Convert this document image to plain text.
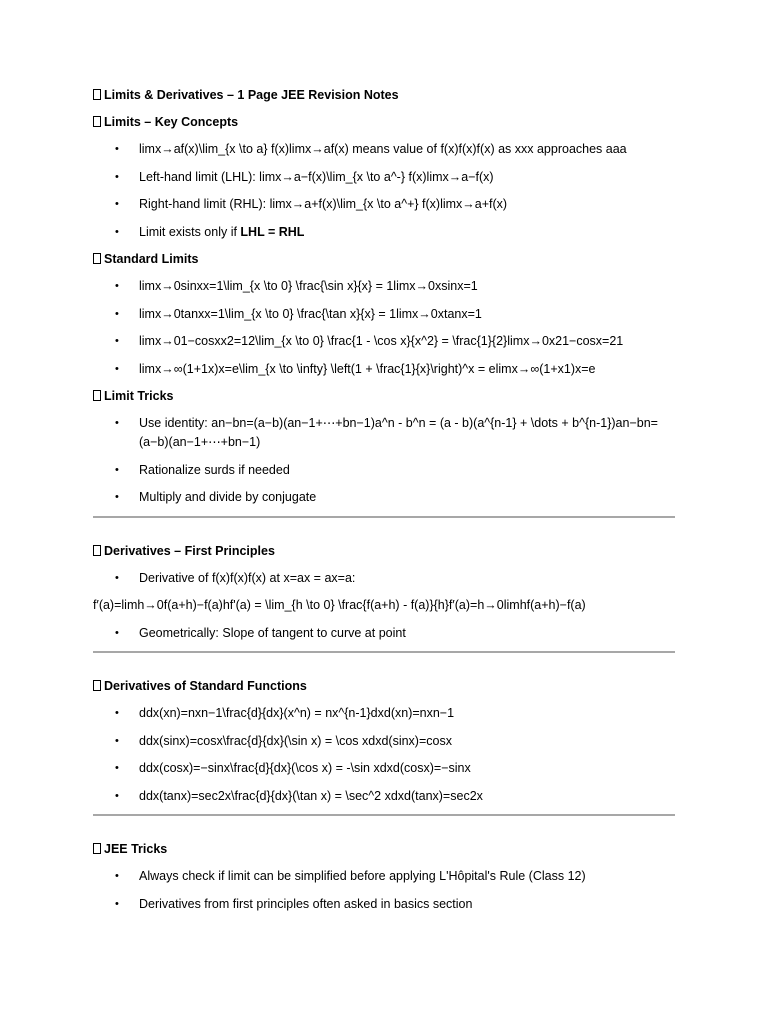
Limits & Derivatives – 1 Page JEE Revision Notes
Limits – Key Concepts
• limx→af(x)\lim_{x \to a} f(x)limx→af(x) means value of f(x)f(x)f(x) as xxx approaches aaa
• Left-hand limit (LHL): limx→a−f(x)\lim_{x \to a^-} f(x)limx→a−f(x)
• Right-hand limit (RHL): limx→a+f(x)\lim_{x \to a^+} f(x)limx→a+f(x)
• Limit exists only if LHL = RHL
Standard Limits
• limx→0sinxx=1\lim_{x \to 0} \frac{\sin x}{x} = 1limx→0xsinx=1
• limx→0tanxx=1\lim_{x \to 0} \frac{\tan x}{x} = 1limx→0xtanx=1
• limx→01−cosxx2=12\lim_{x \to 0} \frac{1 - \cos x}{x^2} = \frac{1}{2}limx→0x21−cosx=21
• limx→∞(1+1x)x=e\lim_{x \to \infty} \left(1 + \frac{1}{x}\right)^x = elimx→∞(1+x1)x=e
Limit Tricks
• Use identity: an−bn=(a−b)(an−1+⋯+bn−1)a^n - b^n = (a - b)(a^{n-1} + \dots + b^{n-1})an−bn=(a−b)(an−1+⋯+bn−1)
• Rationalize surds if needed
• Multiply and divide by conjugate
Derivatives – First Principles
• Derivative of f(x)f(x)f(x) at x=ax = ax=a:
f′(a)=limh→0f(a+h)−f(a)hf'(a) = \lim_{h \to 0} \frac{f(a+h) - f(a)}{h}f′(a)=h→0limhf(a+h)−f(a)
• Geometrically: Slope of tangent to curve at point
Derivatives of Standard Functions
• ddx(xn)=nxn−1\frac{d}{dx}(x^n) = nx^{n-1}dxd(xn)=nxn−1
• ddx(sinx)=cosx\frac{d}{dx}(\sin x) = \cos xdxd(sinx)=cosx
• ddx(cosx)=−sinx\frac{d}{dx}(\cos x) = -\sin xdxd(cosx)=−sinx
• ddx(tanx)=sec2x\frac{d}{dx}(\tan x) = \sec^2 xdxd(tanx)=sec2x
JEE Tricks
• Always check if limit can be simplified before applying L'Hôpital's Rule (Class 12)
• Derivatives from first principles often asked in basics section
